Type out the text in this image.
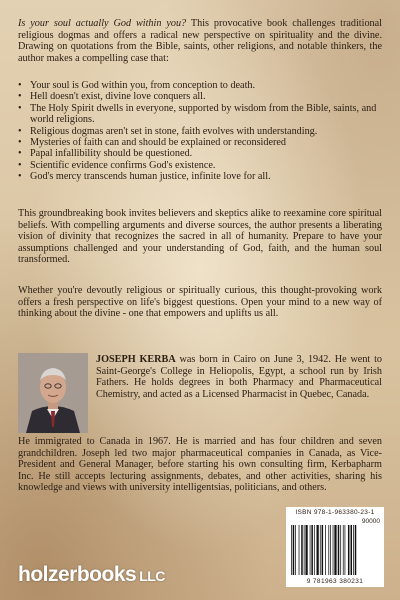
Is your soul actually God within you? This provocative book challenges traditional religious dogmas and offers a radical new perspective on spirituality and the divine. Drawing on quotations from the Bible, saints, other religions, and notable thinkers, the author makes a compelling case that:

• Your soul is God within you, from conception to death.
• Hell doesn't exist, divine love conquers all.
• The Holy Spirit dwells in everyone, supported by wisdom from the Bible, saints, and world religions.
• Religious dogmas aren't set in stone, faith evolves with understanding.
• Mysteries of faith can and should be explained or reconsidered
• Papal infallibility should be questioned.
• Scientific evidence confirms God's existence.
• God's mercy transcends human justice, infinite love for all.

This groundbreaking book invites believers and skeptics alike to reexamine core spiritual beliefs. With compelling arguments and diverse sources, the author presents a liberating vision of divinity that recognizes the sacred in all of humanity. Prepare to have your assumptions challenged and your understanding of God, faith, and the human soul transformed.

Whether you're devoutly religious or spiritually curious, this thought-provoking work offers a fresh perspective on life's biggest questions. Open your mind to a new way of thinking about the divine - one that empowers and uplifts us all.

JOSEPH KERBA was born in Cairo on June 3, 1942. He went to Saint-George's College in Heliopolis, Egypt, a school run by Irish Fathers. He holds degrees in both Pharmacy and Pharmaceutical Chemistry, and acted as a Licensed Pharmacist in Quebec, Canada.

He immigrated to Canada in 1967. He is married and has four children and seven grandchildren. Joseph led two major pharmaceutical companies in Canada, as Vice-President and General Manager, before starting his own consulting firm, Kerbapharm Inc. He still accepts lecturing assignments, debates, and other activities, sharing his knowledge and views with university intelligentsias, politicians, and others.

ISBN 978-1-963380-23-1
90000
9 781963 380231
holzerbooks LLC
